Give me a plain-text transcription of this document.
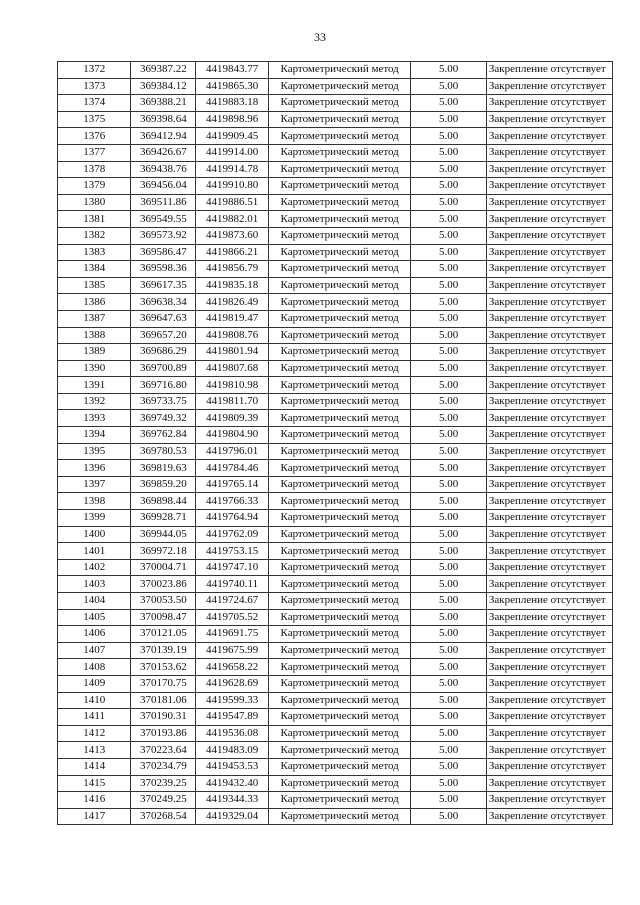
33
1372	369387.22	4419843.77	Картометрический метод	5.00	Закрепление отсутствует
1373	369384.12	4419865.30	Картометрический метод	5.00	Закрепление отсутствует
1374	369388.21	4419883.18	Картометрический метод	5.00	Закрепление отсутствует
1375	369398.64	4419898.96	Картометрический метод	5.00	Закрепление отсутствует
1376	369412.94	4419909.45	Картометрический метод	5.00	Закрепление отсутствует
1377	369426.67	4419914.00	Картометрический метод	5.00	Закрепление отсутствует
1378	369438.76	4419914.78	Картометрический метод	5.00	Закрепление отсутствует
1379	369456.04	4419910.80	Картометрический метод	5.00	Закрепление отсутствует
1380	369511.86	4419886.51	Картометрический метод	5.00	Закрепление отсутствует
1381	369549.55	4419882.01	Картометрический метод	5.00	Закрепление отсутствует
1382	369573.92	4419873.60	Картометрический метод	5.00	Закрепление отсутствует
1383	369586.47	4419866.21	Картометрический метод	5.00	Закрепление отсутствует
1384	369598.36	4419856.79	Картометрический метод	5.00	Закрепление отсутствует
1385	369617.35	4419835.18	Картометрический метод	5.00	Закрепление отсутствует
1386	369638.34	4419826.49	Картометрический метод	5.00	Закрепление отсутствует
1387	369647.63	4419819.47	Картометрический метод	5.00	Закрепление отсутствует
1388	369657.20	4419808.76	Картометрический метод	5.00	Закрепление отсутствует
1389	369686.29	4419801.94	Картометрический метод	5.00	Закрепление отсутствует
1390	369700.89	4419807.68	Картометрический метод	5.00	Закрепление отсутствует
1391	369716.80	4419810.98	Картометрический метод	5.00	Закрепление отсутствует
1392	369733.75	4419811.70	Картометрический метод	5.00	Закрепление отсутствует
1393	369749.32	4419809.39	Картометрический метод	5.00	Закрепление отсутствует
1394	369762.84	4419804.90	Картометрический метод	5.00	Закрепление отсутствует
1395	369780.53	4419796.01	Картометрический метод	5.00	Закрепление отсутствует
1396	369819.63	4419784.46	Картометрический метод	5.00	Закрепление отсутствует
1397	369859.20	4419765.14	Картометрический метод	5.00	Закрепление отсутствует
1398	369898.44	4419766.33	Картометрический метод	5.00	Закрепление отсутствует
1399	369928.71	4419764.94	Картометрический метод	5.00	Закрепление отсутствует
1400	369944.05	4419762.09	Картометрический метод	5.00	Закрепление отсутствует
1401	369972.18	4419753.15	Картометрический метод	5.00	Закрепление отсутствует
1402	370004.71	4419747.10	Картометрический метод	5.00	Закрепление отсутствует
1403	370023.86	4419740.11	Картометрический метод	5.00	Закрепление отсутствует
1404	370053.50	4419724.67	Картометрический метод	5.00	Закрепление отсутствует
1405	370098.47	4419705.52	Картометрический метод	5.00	Закрепление отсутствует
1406	370121.05	4419691.75	Картометрический метод	5.00	Закрепление отсутствует
1407	370139.19	4419675.99	Картометрический метод	5.00	Закрепление отсутствует
1408	370153.62	4419658.22	Картометрический метод	5.00	Закрепление отсутствует
1409	370170.75	4419628.69	Картометрический метод	5.00	Закрепление отсутствует
1410	370181.06	4419599.33	Картометрический метод	5.00	Закрепление отсутствует
1411	370190.31	4419547.89	Картометрический метод	5.00	Закрепление отсутствует
1412	370193.86	4419536.08	Картометрический метод	5.00	Закрепление отсутствует
1413	370223.64	4419483.09	Картометрический метод	5.00	Закрепление отсутствует
1414	370234.79	4419453.53	Картометрический метод	5.00	Закрепление отсутствует
1415	370239.25	4419432.40	Картометрический метод	5.00	Закрепление отсутствует
1416	370249.25	4419344.33	Картометрический метод	5.00	Закрепление отсутствует
1417	370268.54	4419329.04	Картометрический метод	5.00	Закрепление отсутствует
